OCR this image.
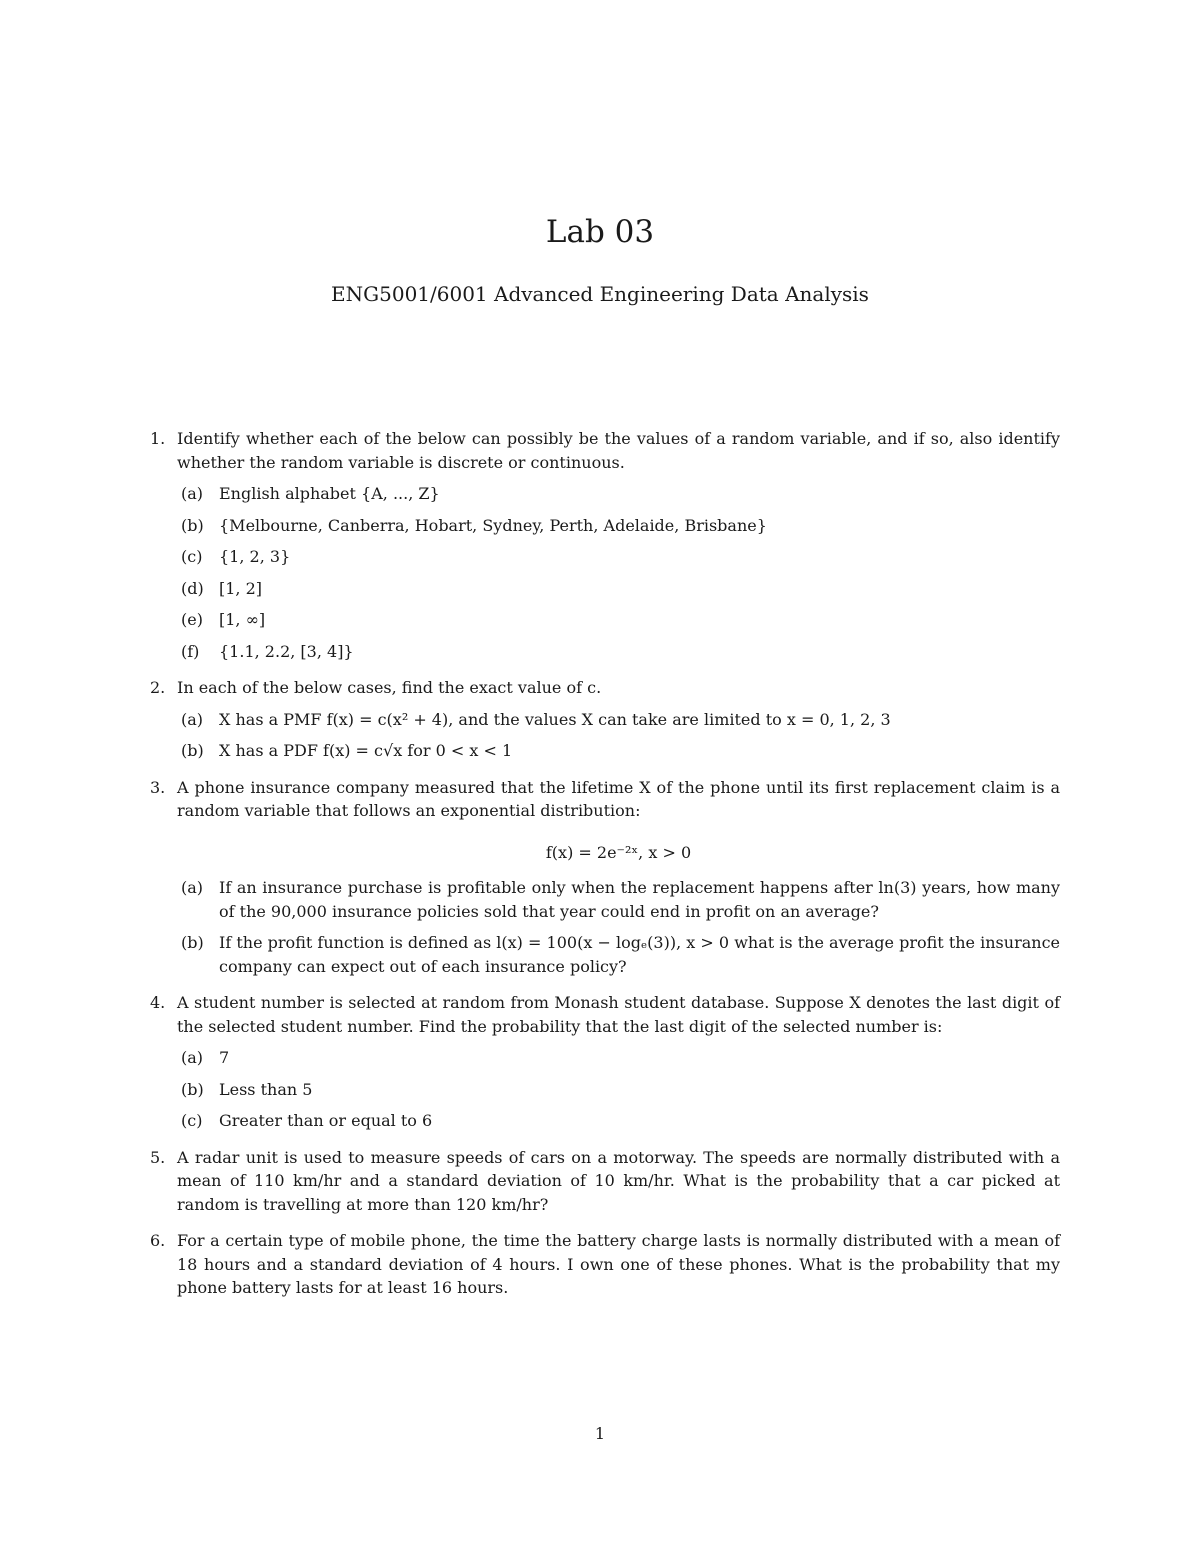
Lab 03
ENG5001/6001 Advanced Engineering Data Analysis
1. Identify whether each of the below can possibly be the values of a random variable, and if so, also identify whether the random variable is discrete or continuous.
(a) English alphabet {A, ..., Z}
(b) {Melbourne, Canberra, Hobart, Sydney, Perth, Adelaide, Brisbane}
(c) {1, 2, 3}
(d) [1, 2]
(e) [1, ∞]
(f) {1.1, 2.2, [3, 4]}
2. In each of the below cases, find the exact value of c.
(a) X has a PMF f(x) = c(x² + 4), and the values X can take are limited to x = 0, 1, 2, 3
(b) X has a PDF f(x) = c√x for 0 < x < 1
3. A phone insurance company measured that the lifetime X of the phone until its first replacement claim is a random variable that follows an exponential distribution:
f(x) = 2e⁻²ˣ, x > 0
(a) If an insurance purchase is profitable only when the replacement happens after ln(3) years, how many of the 90,000 insurance policies sold that year could end in profit on an average?
(b) If the profit function is defined as l(x) = 100(x − logₑ(3)), x > 0 what is the average profit the insurance company can expect out of each insurance policy?
4. A student number is selected at random from Monash student database. Suppose X denotes the last digit of the selected student number. Find the probability that the last digit of the selected number is:
(a) 7
(b) Less than 5
(c) Greater than or equal to 6
5. A radar unit is used to measure speeds of cars on a motorway. The speeds are normally distributed with a mean of 110 km/hr and a standard deviation of 10 km/hr. What is the probability that a car picked at random is travelling at more than 120 km/hr?
6. For a certain type of mobile phone, the time the battery charge lasts is normally distributed with a mean of 18 hours and a standard deviation of 4 hours. I own one of these phones. What is the probability that my phone battery lasts for at least 16 hours.
1
